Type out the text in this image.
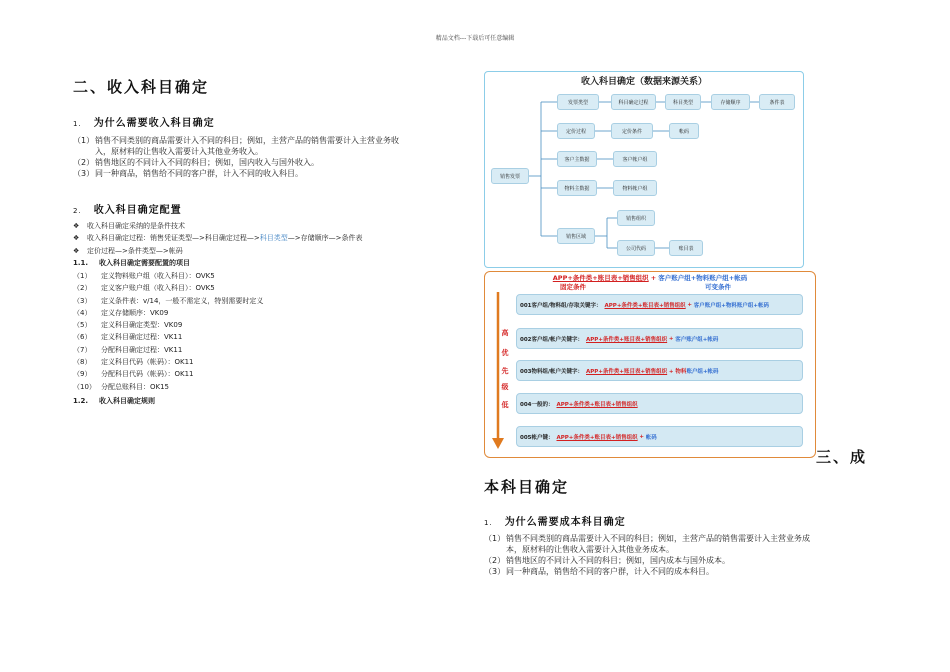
精品文档---下载后可任意编辑
二、收入科目确定
1. 为什么需要收入科目确定
（1）销售不同类别的商品需要计入不同的科目；例如，主营产品的销售需要计入主营业务收
入，原材料的让售收入需要计入其他业务收入。
（2）销售地区的不同计入不同的科目；例如，国内收入与国外收入。
（3）同一种商品，销售给不同的客户群，计入不同的收入科目。
2. 收入科目确定配置
❖ 收入科目确定采纳的是条件技术
❖ 收入科目确定过程：销售凭证类型—>科目确定过程—>科目类型—>存储顺序—>条件表
❖ 定价过程—>条件类型—>帐码
1.1. 收入科目确定需要配置的项目
（1） 定义物料账户组（收入科目）：OVK5
（2） 定义客户账户组（收入科目）：OVK5
（3） 定义条件表：v/14，一般不需定义，特别需要时定义
（4） 定义存储顺序：VK09
（5） 定义科目确定类型：VK09
（6） 定义科目确定过程：VK11
（7） 分配科目确定过程：VK11
（8） 定义科目代码（帐码）：OK11
（9） 分配科目代码（帐码）：OK11
（10） 分配总账科目：OK15
1.2. 收入科目确定规则
收入科目确定（数据来源关系）
销售发票
发票类型	科目确定过程	科目类型	存储顺序	条件表
定价过程	定价条件	帐码
客户主数据	客户帐户组
物料主数据	物料帐户组
销售区域
销售组织
公司代码	账目表
APP+条件类+账目表+销售组织 + 客户账户组+物料账户组+帐码
固定条件	可变条件
高
优
先
级
低
001客户组/物料组/存取关键字： APP+条件类+账目表+销售组织
+
客户账户组+物料账户组+帐码
002客户组/帐户关键字： APP+条件类+账目表+销售组织
+
客户账户组+帐码
003物料组/帐户关键字： APP+条件类+账目表+销售组织
+ 物料 账户组+帐码
004一般的： APP+条件类+账目表+销售组织
005帐户键： APP+条件类+账目表+销售组织
+
帐码
三、成
本科目确定
1. 为什么需要成本科目确定
（1）销售不同类别的商品需要计入不同的科目；例如，主营产品的销售需要计入主营业务成
本，原材料的让售收入需要计入其他业务成本。
（2）销售地区的不同计入不同的科目；例如，国内成本与国外成本。
（3）同一种商品，销售给不同的客户群，计入不同的成本科目。
